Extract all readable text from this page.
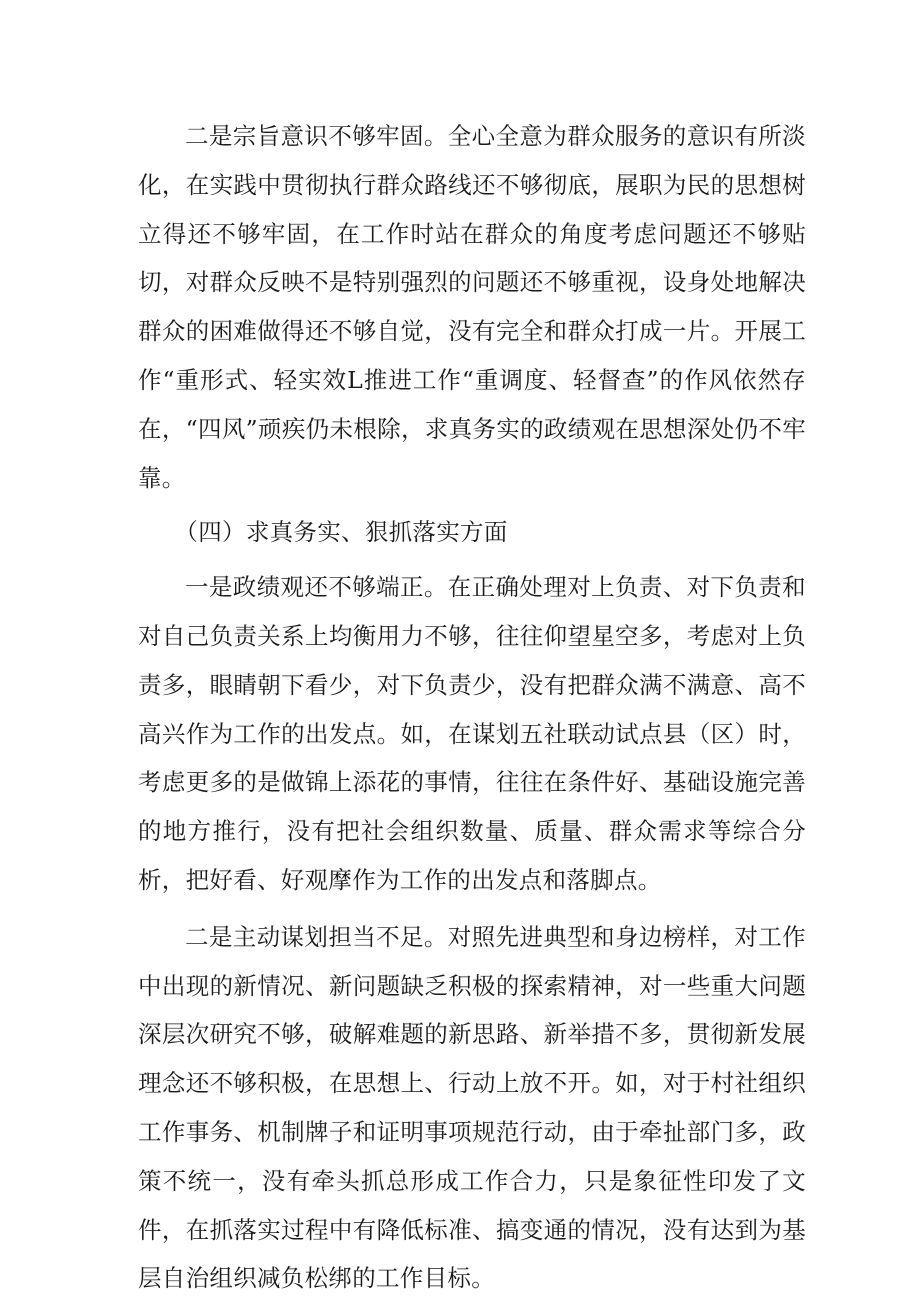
二是宗旨意识不够牢固。全心全意为群众服务的意识有所淡化，在实践中贯彻执行群众路线还不够彻底，展职为民的思想树立得还不够牢固，在工作时站在群众的角度考虑问题还不够贴切，对群众反映不是特别强烈的问题还不够重视，设身处地解决群众的困难做得还不够自觉，没有完全和群众打成一片。开展工作“重形式、轻实效L推进工作“重调度、轻督查”的作风依然存在，“四风”顽疾仍未根除，求真务实的政绩观在思想深处仍不牢靠。

（四）求真务实、狠抓落实方面

一是政绩观还不够端正。在正确处理对上负责、对下负责和对自己负责关系上均衡用力不够，往往仰望星空多，考虑对上负责多，眼睛朝下看少，对下负责少，没有把群众满不满意、高不高兴作为工作的出发点。如，在谋划五社联动试点县（区）时，考虑更多的是做锦上添花的事情，往往在条件好、基础设施完善的地方推行，没有把社会组织数量、质量、群众需求等综合分析，把好看、好观摩作为工作的出发点和落脚点。

二是主动谋划担当不足。对照先进典型和身边榜样，对工作中出现的新情况、新问题缺乏积极的探索精神，对一些重大问题深层次研究不够，破解难题的新思路、新举措不多，贯彻新发展理念还不够积极，在思想上、行动上放不开。如，对于村社组织工作事务、机制牌子和证明事项规范行动，由于牵扯部门多，政策不统一，没有牵头抓总形成工作合力，只是象征性印发了文件，在抓落实过程中有降低标准、搞变通的情况，没有达到为基层自治组织减负松绑的工作目标。
